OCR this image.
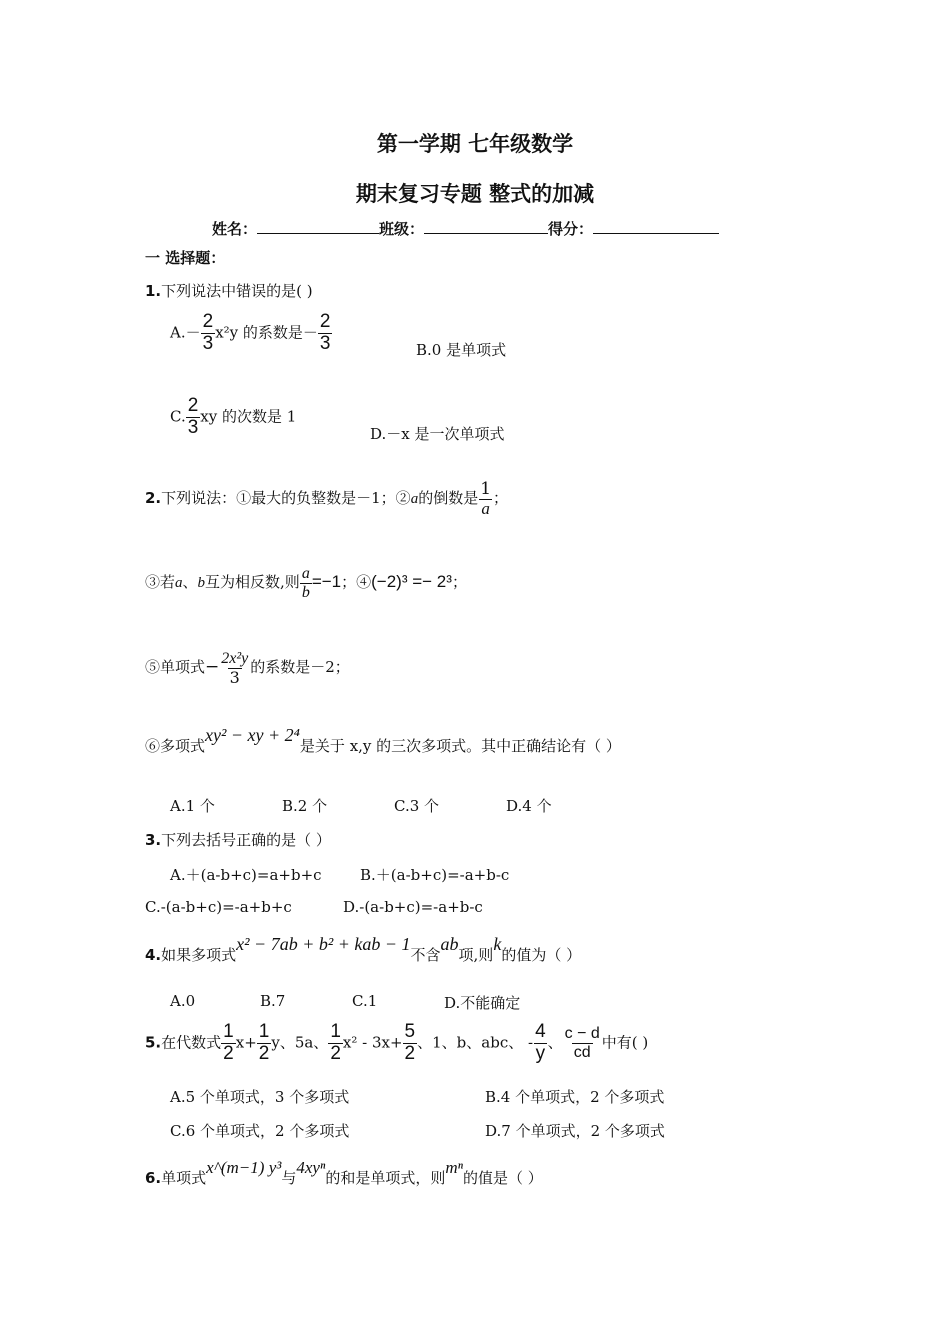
第一学期 七年级数学
期末复习专题 整式的加减
姓名：	班级：	得分：
一 选择题：
1.下列说法中错误的是( )
$A.- \frac{2}{3} x^2y$ 的系数是－ $\frac{2}{3}$	B.0 是单项式
C. $\frac{2}{3}$ xy 的次数是 1
D.－x 是一次单项式
2.下列说法：①最大的负整数是－1；②a的倒数是 $\frac{1}{a}$ ；
③若a、b互为相反数,则 $\frac{a}{b} =-1$；④(−2)³ =− 2³；
⑤单项式− $\frac{\text{2x²y}}{3}$ 的系数是－2；
⑥多项式xy² − xy + 2⁴是关于 x,y 的三次多项式。其中正确结论有（ ）
A.1 个	B.2 个	C.3 个	D.4 个
3.下列去括号正确的是（ ）
A.＋(a-b+c)=a+b+c	B.＋(a-b+c)=-a+b-c
C.-(a-b+c)=-a+b+c	D.-(a-b+c)=-a+b-c
4.如果多项式x² − 7ab + b² + kab − 1不含ab项,则k的值为（ ）
A.0	B.7	C.1	D.不能确定
5.在代数式 $\frac{1}{2} x+ \frac{1}{2}$ y、5a、 $\frac{1}{2} x^2 - 3x+ \frac{5}{2}$ 、1、b、abc、 - $\frac{4}{y}$ 、 $\frac{c - d}{cd}$ 中有( )
A.5 个单项式，3 个多项式	B.4 个单项式，2 个多项式
C.6 个单项式，2 个多项式	D.7 个单项式，2 个多项式
6.单项式x^(m−1) y³与4xyⁿ的和是单项式，则mⁿ的值是（ ）
